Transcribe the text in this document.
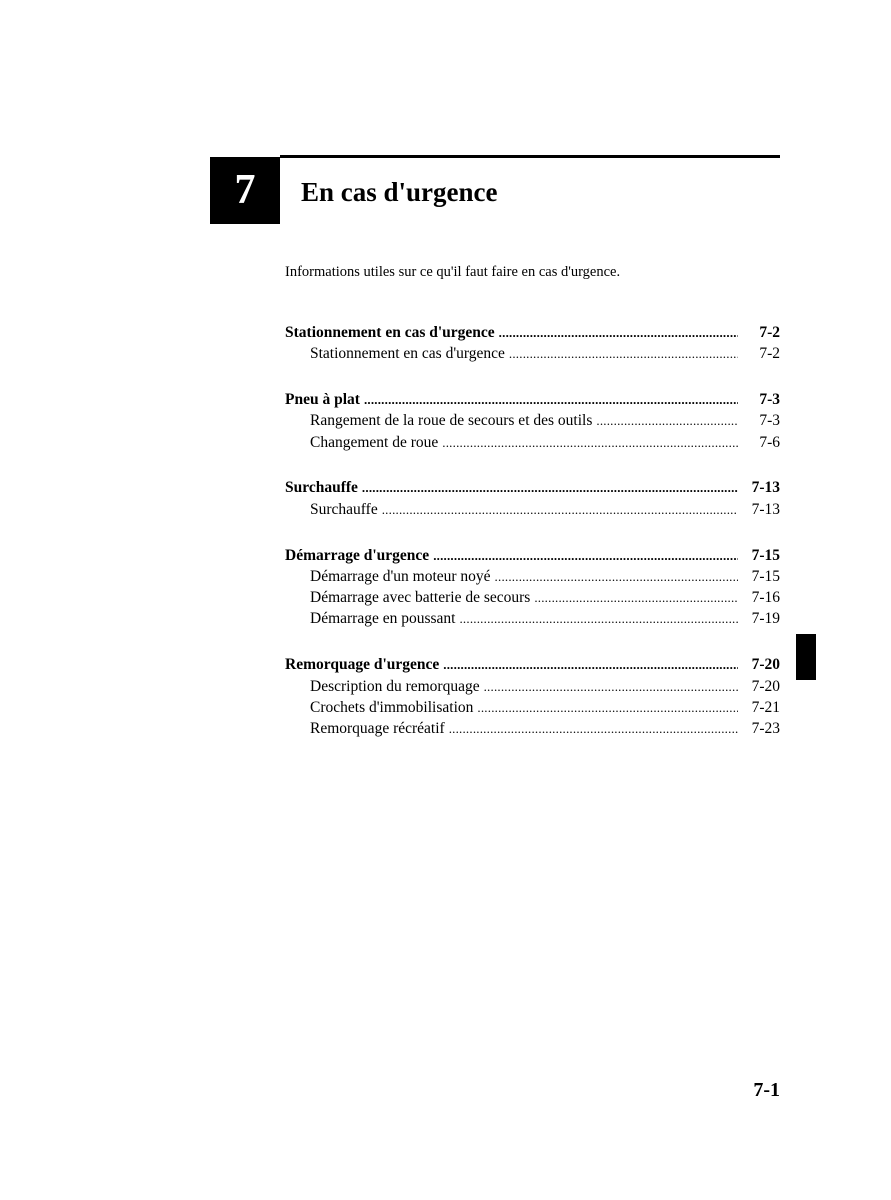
7	En cas d'urgence
Informations utiles sur ce qu'il faut faire en cas d'urgence.
Stationnement en cas d'urgence .....	7-2
Stationnement en cas d'urgence .....	7-2
Pneu à plat .....	7-3
Rangement de la roue de secours et des outils .....	7-3
Changement de roue .....	7-6
Surchauffe .....	7-13
Surchauffe .....	7-13
Démarrage d'urgence .....	7-15
Démarrage d'un moteur noyé .....	7-15
Démarrage avec batterie de secours .....	7-16
Démarrage en poussant .....	7-19
Remorquage d'urgence .....	7-20
Description du remorquage .....	7-20
Crochets d'immobilisation .....	7-21
Remorquage récréatif .....	7-23
7-1
